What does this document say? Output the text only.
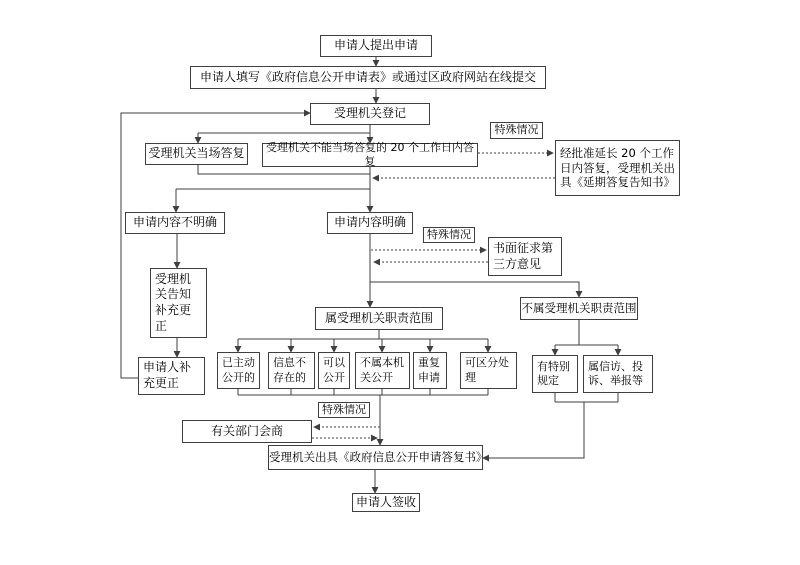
申请人提出申请
申请人填写《政府信息公开申请表》或通过区政府网站在线提交
受理机关登记
受理机关当场答复	受理机关不能当场答复的 20 个工作日内答复
特殊情况
经批准延长 20 个工作日内答复，受理机关出具《延期答复告知书》
申请内容不明确	申请内容明确
特殊情况
书面征求第三方意见
受理机关告知补充更正
申请人补充更正
属受理机关职责范围
不属受理机关职责范围
已主动公开的
信息不存在的
可以公开
不属本机关公开
重复申请
可区分处理
有特别规定
属信访、投诉、举报等
特殊情况
有关部门会商
受理机关出具《政府信息公开申请答复书》
申请人签收
